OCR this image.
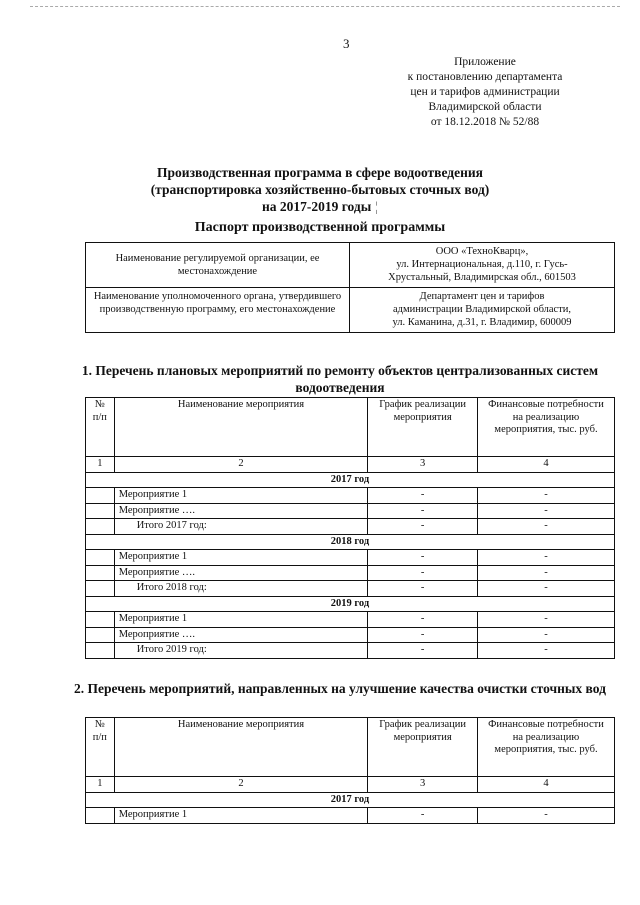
3
Приложение
к постановлению департамента
цен и тарифов администрации
Владимирской области
от 18.12.2018 № 52/88
Производственная программа в сфере водоотведения
(транспортировка хозяйственно-бытовых сточных вод)
на 2017-2019 годы ¦
Паспорт производственной программы
Наименование регулируемой организации, ее местонахождение	ООО «ТехноКварц»,
ул. Интернациональная, д.110, г. Гусь-
Хрустальный, Владимирская обл., 601503

Наименование уполномоченного органа, утвердившего производственную программу, его местонахождение	Департамент цен и тарифов
администрации Владимирской области,
ул. Каманина, д.31, г. Владимир, 600009
1. Перечень плановых мероприятий по ремонту объектов централизованных систем водоотведения
№ п/п	Наименование мероприятия	График реализации мероприятия	Финансовые потребности на реализацию мероприятия, тыс. руб.
1	2	3	4
2017 год			
	Мероприятие 1	-	-
	Мероприятие ….	-	-
	Итого 2017 год:	-	-
2018 год			
	Мероприятие 1	-	-
	Мероприятие ….	-	-
	Итого 2018 год:	-	-
2019 год			
	Мероприятие 1	-	-
	Мероприятие ….	-	-
	Итого 2019 год:	-	-
2. Перечень мероприятий, направленных на улучшение качества очистки сточных вод
№ п/п	Наименование мероприятия	График реализации мероприятия	Финансовые потребности на реализацию мероприятия, тыс. руб.
1	2	3	4
2017 год			
	Мероприятие 1	-	-
